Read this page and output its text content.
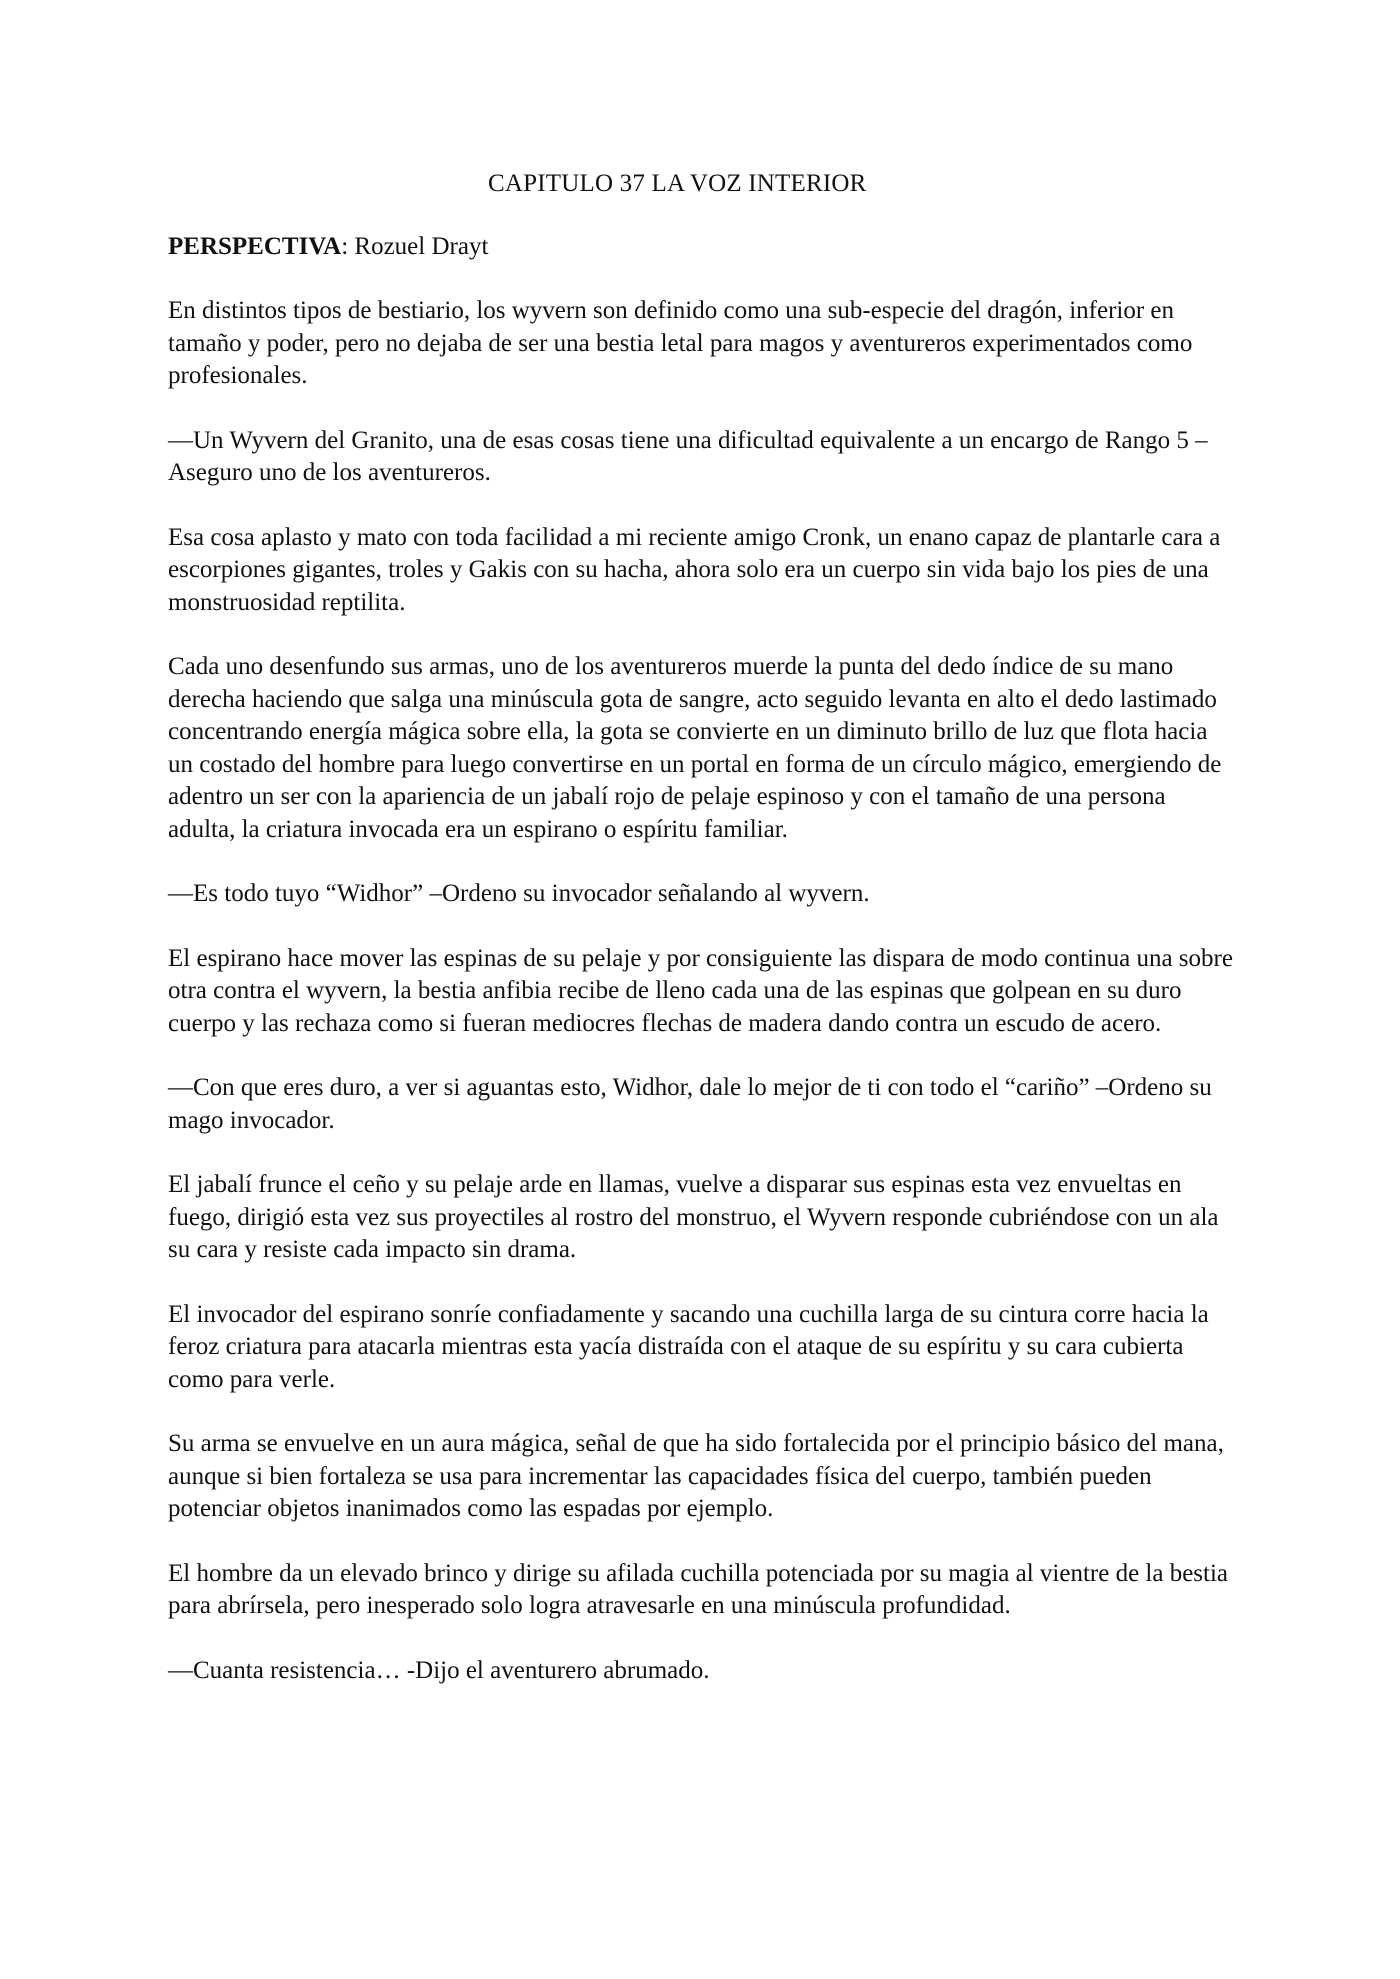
CAPITULO 37 LA VOZ INTERIOR

PERSPECTIVA: Rozuel Drayt

En distintos tipos de bestiario, los wyvern son definido como una sub-especie del dragón, inferior en tamaño y poder, pero no dejaba de ser una bestia letal para magos y aventureros experimentados como profesionales.

—Un Wyvern del Granito, una de esas cosas tiene una dificultad equivalente a un encargo de Rango 5 –Aseguro uno de los aventureros.

Esa cosa aplasto y mato con toda facilidad a mi reciente amigo Cronk, un enano capaz de plantarle cara a escorpiones gigantes, troles y Gakis con su hacha, ahora solo era un cuerpo sin vida bajo los pies de una monstruosidad reptilita.

Cada uno desenfundo sus armas, uno de los aventureros muerde la punta del dedo índice de su mano derecha haciendo que salga una minúscula gota de sangre, acto seguido levanta en alto el dedo lastimado concentrando energía mágica sobre ella, la gota se convierte en un diminuto brillo de luz que flota hacia un costado del hombre para luego convertirse en un portal en forma de un círculo mágico, emergiendo de adentro un ser con la apariencia de un jabalí rojo de pelaje espinoso y con el tamaño de una persona adulta, la criatura invocada era un espirano o espíritu familiar.

—Es todo tuyo “Widhor” –Ordeno su invocador señalando al wyvern.

El espirano hace mover las espinas de su pelaje y por consiguiente las dispara de modo continua una sobre otra contra el wyvern, la bestia anfibia recibe de lleno cada una de las espinas que golpean en su duro cuerpo y las rechaza como si fueran mediocres flechas de madera dando contra un escudo de acero.

—Con que eres duro, a ver si aguantas esto, Widhor, dale lo mejor de ti con todo el “cariño” –Ordeno su mago invocador.

El jabalí frunce el ceño y su pelaje arde en llamas, vuelve a disparar sus espinas esta vez envueltas en fuego, dirigió esta vez sus proyectiles al rostro del monstruo, el Wyvern responde cubriéndose con un ala su cara y resiste cada impacto sin drama.

El invocador del espirano sonríe confiadamente y sacando una cuchilla larga de su cintura corre hacia la feroz criatura para atacarla mientras esta yacía distraída con el ataque de su espíritu y su cara cubierta como para verle.

Su arma se envuelve en un aura mágica, señal de que ha sido fortalecida por el principio básico del mana, aunque si bien fortaleza se usa para incrementar las capacidades física del cuerpo, también pueden potenciar objetos inanimados como las espadas por ejemplo.

El hombre da un elevado brinco y dirige su afilada cuchilla potenciada por su magia al vientre de la bestia para abrírsela, pero inesperado solo logra atravesarle en una minúscula profundidad.

—Cuanta resistencia… -Dijo el aventurero abrumado.
